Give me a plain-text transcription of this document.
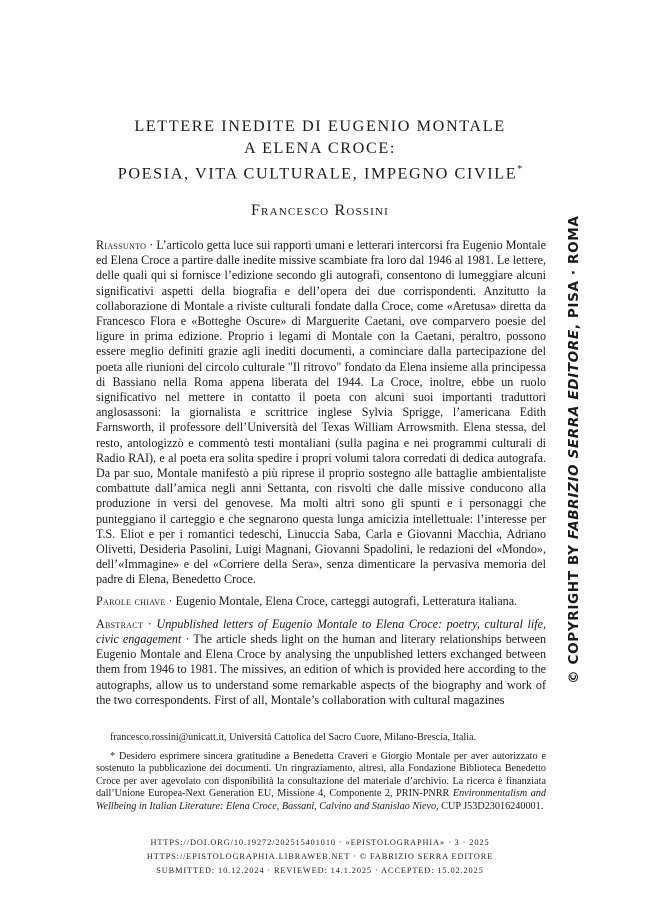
LETTERE INEDITE DI EUGENIO MONTALE
A ELENA CROCE:
POESIA, VITA CULTURALE, IMPEGNO CIVILE*
Francesco Rossini

Riassunto · L’articolo getta luce sui rapporti umani e letterari intercorsi fra Eugenio Montale ed Elena Croce a partire dalle inedite missive scambiate fra loro dal 1946 al 1981. Le lettere, delle quali qui si fornisce l’edizione secondo gli autografi, consentono di lumeggiare alcuni significativi aspetti della biografia e dell’opera dei due corrispondenti. Anzitutto la collaborazione di Montale a riviste culturali fondate dalla Croce, come «Aretusa» diretta da Francesco Flora e «Botteghe Oscure» di Marguerite Caetani, ove comparvero poesie del ligure in prima edizione. Proprio i legami di Montale con la Caetani, peraltro, possono essere meglio definiti grazie agli inediti documenti, a cominciare dalla partecipazione del poeta alle riunioni del circolo culturale "Il ritrovo" fondato da Elena insieme alla principessa di Bassiano nella Roma appena liberata del 1944. La Croce, inoltre, ebbe un ruolo significativo nel mettere in contatto il poeta con alcuni suoi importanti traduttori anglosassoni: la giornalista e scrittrice inglese Sylvia Sprigge, l’americana Edith Farnsworth, il professore dell’Università del Texas William Arrowsmith. Elena stessa, del resto, antologizzò e commentò testi montaliani (sulla pagina e nei programmi culturali di Radio RAI), e al poeta era solita spedire i propri volumi talora corredati di dedica autografa. Da par suo, Montale manifestò a più riprese il proprio sostegno alle battaglie ambientaliste combattute dall’amica negli anni Settanta, con risvolti che dalle missive conducono alla produzione in versi del genovese. Ma molti altri sono gli spunti e i personaggi che punteggiano il carteggio e che segnarono questa lunga amicizia intellettuale: l’interesse per T.S. Eliot e per i romantici tedeschi, Linuccia Saba, Carla e Giovanni Macchia, Adriano Olivetti, Desideria Pasolini, Luigi Magnani, Giovanni Spadolini, le redazioni del «Mondo», dell’«Immagine» e del «Corriere della Sera», senza dimenticare la pervasiva memoria del padre di Elena, Benedetto Croce.

Parole chiave · Eugenio Montale, Elena Croce, carteggi autografi, Letteratura italiana.

Abstract · Unpublished letters of Eugenio Montale to Elena Croce: poetry, cultural life, civic engagement · The article sheds light on the human and literary relationships between Eugenio Montale and Elena Croce by analysing the unpublished letters exchanged between them from 1946 to 1981. The missives, an edition of which is provided here according to the autographs, allow us to understand some remarkable aspects of the biography and work of the two correspondents. First of all, Montale’s collaboration with cultural magazines

francesco.rossini@unicatt.it, Università Cattolica del Sacro Cuore, Milano-Brescia, Italia.

* Desidero esprimere sincera gratitudine a Benedetta Craveri e Giorgio Montale per aver autorizzato e sostenuto la pubblicazione dei documenti. Un ringraziamento, altresì, alla Fondazione Biblioteca Benedetto Croce per aver agevolato con disponibilità la consultazione del materiale d’archivio. La ricerca è finanziata dall’Unione Europea-Next Generation EU, Missione 4, Componente 2, PRIN-PNRR Environmentalism and Wellbeing in Italian Literature: Elena Croce, Bassani, Calvino and Stanislao Nievo, CUP J53D23016240001.

HTTPS://DOI.ORG/10.19272/202515401010 · «EPISTOLOGRAPHIA» · 3 · 2025
HTTPS://EPISTOLOGRAPHIA.LIBRAWEB.NET · © FABRIZIO SERRA EDITORE
SUBMITTED: 10.12.2024 · REVIEWED: 14.1.2025 · ACCEPTED: 15.02.2025
© COPYRIGHT BY FABRIZIO SERRA EDITORE, PISA · ROMA
